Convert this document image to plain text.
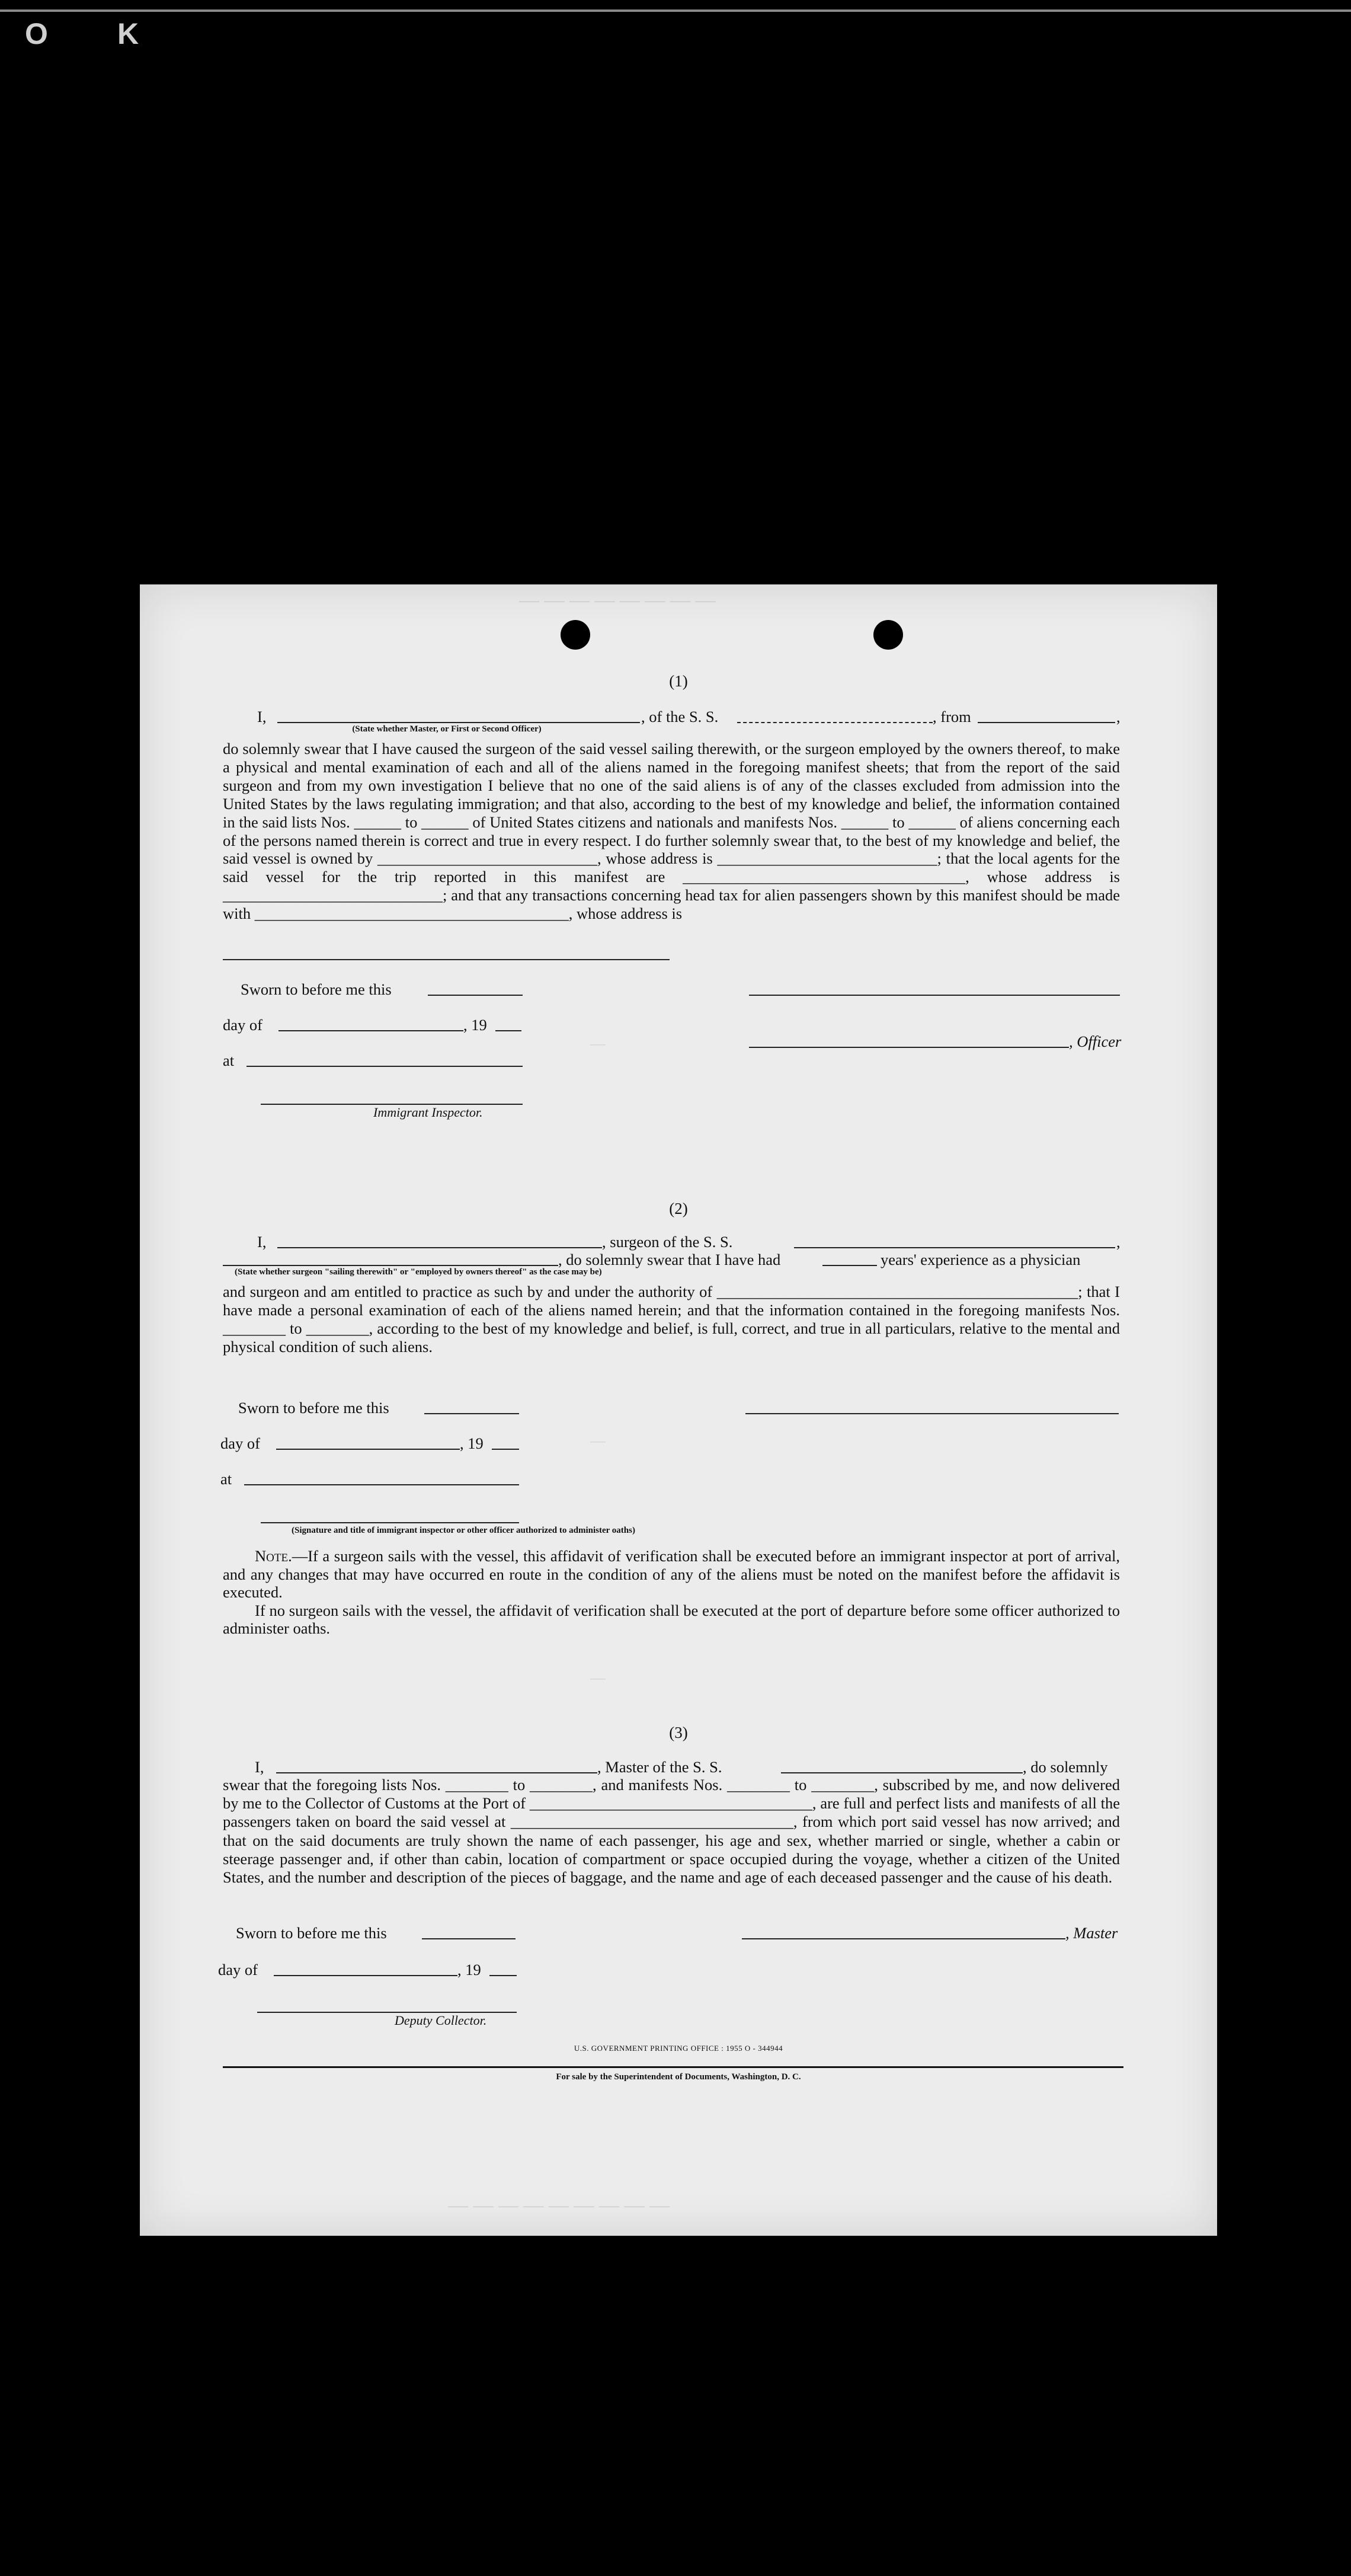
O K
— — — — — — — —
—
—
—
(1)
I,	, of the S. S.	, from	,
(State whether Master, or First or Second Officer)

do solemnly swear that I have caused the surgeon of the said vessel sailing therewith, or the surgeon employed by the owners thereof, to make a physical and mental examination of each and all of the aliens named in the foregoing manifest sheets; that from the report of the said surgeon and from my own investigation I believe that no one of the said aliens is of any of the classes excluded from admission into the United States by the laws regulating immigration; and that also, according to the best of my knowledge and belief, the information contained in the said lists Nos. ______ to ______ of United States citizens and nationals and manifests Nos. ______ to ______ of aliens concerning each of the persons named therein is correct and true in every respect. I do further solemnly swear that, to the best of my knowledge and belief, the said vessel is owned by ____________________________, whose address is ____________________________; that the local agents for the said vessel for the trip reported in this manifest are ____________________________________, whose address is ____________________________; and that any transactions concerning head tax for alien passengers shown by this manifest should be made with ________________________________________, whose address is

Sworn to before me this
day of	, 19
, Officer
at
Immigrant Inspector.
(2)
I,	, surgeon of the S. S.	,
, do solemnly swear that I have had	years' experience as a physician
(State whether surgeon "sailing therewith" or "employed by owners thereof" as the case may be)

and surgeon and am entitled to practice as such by and under the authority of ______________________________________________; that I have made a personal examination of each of the aliens named herein; and that the information contained in the foregoing manifests Nos. ________ to ________, according to the best of my knowledge and belief, is full, correct, and true in all particulars, relative to the mental and physical condition of such aliens.

Sworn to before me this
day of	, 19
at
(Signature and title of immigrant inspector or other officer authorized to administer oaths)

Note.—If a surgeon sails with the vessel, this affidavit of verification shall be executed before an immigrant inspector at port of arrival, and any changes that may have occurred en route in the condition of any of the aliens must be noted on the manifest before the affidavit is executed.

If no surgeon sails with the vessel, the affidavit of verification shall be executed at the port of departure before some officer authorized to administer oaths.

(3)
I,	, Master of the S. S.	, do solemnly

swear that the foregoing lists Nos. ________ to ________, and manifests Nos. ________ to ________, subscribed by me, and now delivered by me to the Collector of Customs at the Port of ____________________________________, are full and perfect lists and manifests of all the passengers taken on board the said vessel at ____________________________________, from which port said vessel has now arrived; and that on the said documents are truly shown the name of each passenger, his age and sex, whether married or single, whether a cabin or steerage passenger and, if other than cabin, location of compartment or space occupied during the voyage, whether a citizen of the United States, and the number and description of the pieces of baggage, and the name and age of each deceased passenger and the cause of his death.

Sworn to before me this	, Master
day of	, 19
Deputy Collector.
U.S. GOVERNMENT PRINTING OFFICE : 1955 O - 344944
For sale by the Superintendent of Documents, Washington, D. C.
— — — — — — — — —
